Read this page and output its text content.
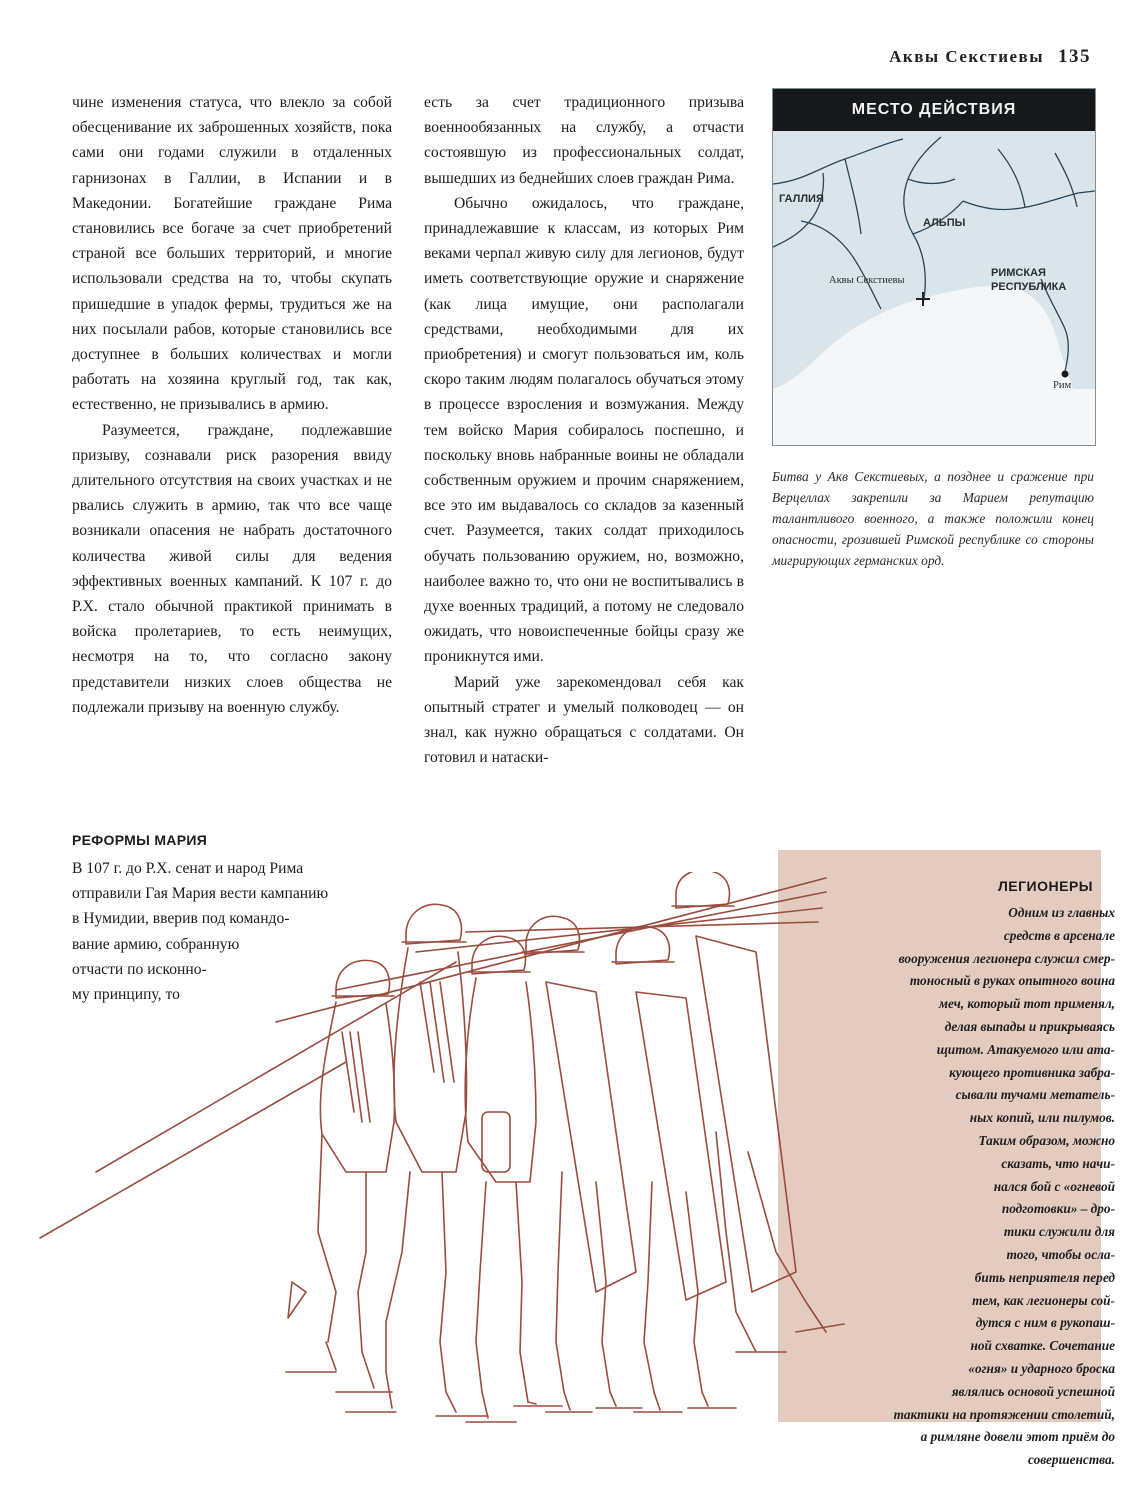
Аквы Секстиевы 135

чине изменения статуса, что влекло за собой обесценивание их заброшенных хозяйств, пока сами они годами служили в отдаленных гарнизонах в Галлии, в Испании и в Македонии. Богатейшие граждане Рима становились все богаче за счет приобретений страной все больших территорий, и многие использовали средства на то, чтобы скупать пришедшие в упадок фермы, трудиться же на них посылали рабов, которые становились все доступнее в больших количествах и могли работать на хозяина круглый год, так как, естественно, не призывались в армию.

Разумеется, граждане, подлежавшие призыву, сознавали риск разорения ввиду длительного отсутствия на своих участках и не рвались служить в армию, так что все чаще возникали опасения не набрать достаточного количества живой силы для ведения эффективных военных кампаний. К 107 г. до Р.Х. стало обычной практикой принимать в войска пролетариев, то есть неимущих, несмотря на то, что согласно закону представители низких слоев общества не подлежали призыву на военную службу.

РЕФОРМЫ МАРИЯ
В 107 г. до Р.Х. сенат и народ Рима
отправили Гая Мария вести кампанию
в Нумидии, вверив под командо-
вание армию, собранную
отчасти по исконно-
му принципу, то

есть за счет традиционного призыва военнообязанных на службу, а отчасти состоявшую из профессиональных солдат, вышедших из беднейших слоев граждан Рима.

Обычно ожидалось, что граждане, принадлежавшие к классам, из которых Рим веками черпал живую силу для легионов, будут иметь соответствующие оружие и снаряжение (как лица имущие, они располагали средствами, необходимыми для их приобретения) и смогут пользоваться им, коль скоро таким людям полагалось обучаться этому в процессе взросления и возмужания. Между тем войско Мария собиралось поспешно, и поскольку вновь набранные воины не обладали собственным оружием и прочим снаряжением, все это им выдавалось со складов за казенный счет. Разумеется, таких солдат приходилось обучать пользованию оружием, но, возможно, наиболее важно то, что они не воспитывались в духе военных традиций, а потому не следовало ожидать, что новоиспеченные бойцы сразу же проникнутся ими.

Марий уже зарекомендовал себя как опытный стратег и умелый полководец — он знал, как нужно обращаться с солдатами. Он готовил и натаски-

МЕСТО ДЕЙСТВИЯ
ГАЛЛИЯ
АЛЬПЫ
РИМСКАЯ
РЕСПУБЛИКА
Аквы Секстиевы
Рим
Битва у Акв Секстиевых, а позднее и сражение при Верцеллах закрепили за Марием репутацию талантливого военного, а также положили конец опасности, грозившей Римской республике со стороны мигрирующих германских орд.
ЛЕГИОНЕРЫ
Одним из главных
средств в арсенале
вооружения легионера служил смер-
тоносный в руках опытного воина
меч, который тот применял,
делая выпады и прикрываясь
щитом. Атакуемого или ата-
кующего противника забра-
сывали тучами метатель-
ных копий, или пилумов.
Таким образом, можно
сказать, что начи-
нался бой с «огневой
подготовки» – дро-
тики служили для
того, чтобы осла-
бить неприятеля перед
тем, как легионеры сой-
дутся с ним в рукопаш-
ной схватке. Сочетание
«огня» и ударного броска
являлись основой успешной
тактики на протяжении столетий,
а римляне довели этот приём до
совершенства.
